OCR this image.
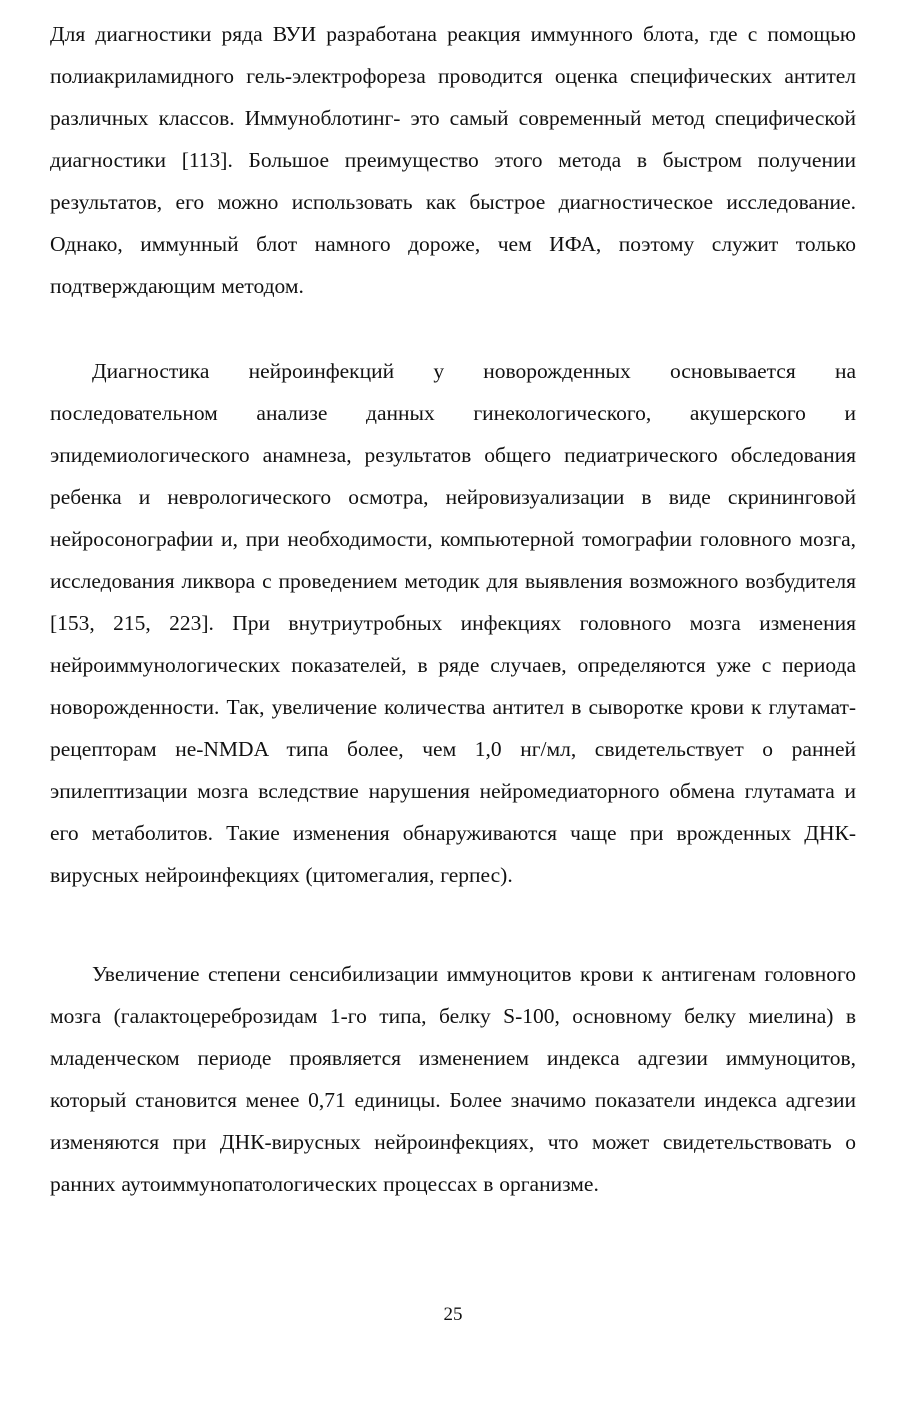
Для диагностики ряда ВУИ разработана реакция иммунного блота, где с помощью полиакриламидного гель-электрофореза проводится оценка специфических антител различных классов. Иммуноблотинг- это самый современный метод специфической диагностики [113]. Большое преимущество этого метода в быстром получении результатов, его можно использовать как быстрое диагностическое исследование. Однако, иммунный блот намного дороже, чем ИФА, поэтому служит только подтверждающим методом.

Диагностика нейроинфекций у новорожденных основывается на последовательном анализе данных гинекологического, акушерского и эпидемиологического анамнеза, результатов общего педиатрического обследования ребенка и неврологического осмотра, нейровизуализации в виде скрининговой нейросонографии и, при необходимости, компьютерной томографии головного мозга, исследования ликвора с проведением методик для выявления возможного возбудителя [153, 215, 223]. При внутриутробных инфекциях головного мозга изменения нейроиммунологических показателей, в ряде случаев, определяются уже с периода новорожденности. Так, увеличение количества антител в сыворотке крови к глутамат-рецепторам не-NMDA типа более, чем 1,0 нг/мл, свидетельствует о ранней эпилептизации мозга вследствие нарушения нейромедиаторного обмена глутамата и его метаболитов. Такие изменения обнаруживаются чаще при врожденных ДНК-вирусных нейроинфекциях (цитомегалия, герпес).

Увеличение степени сенсибилизации иммуноцитов крови к антигенам головного мозга (галактоцереброзидам 1-го типа, белку S-100, основному белку миелина) в младенческом периоде проявляется изменением индекса адгезии иммуноцитов, который становится менее 0,71 единицы. Более значимо показатели индекса адгезии изменяются при ДНК-вирусных нейроинфекциях, что может свидетельствовать о ранних аутоиммунопатологических процессах в организме.

25
